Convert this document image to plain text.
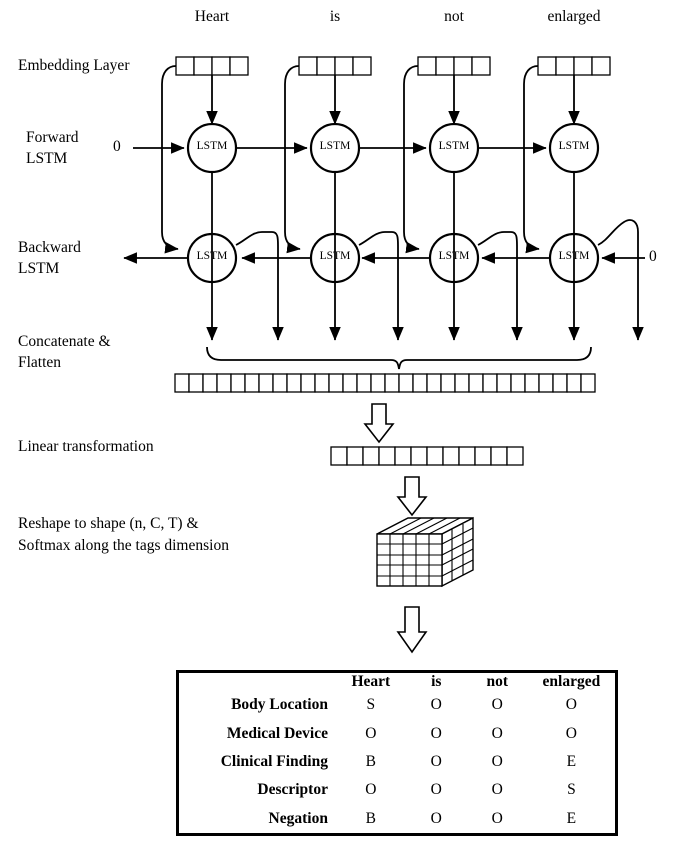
Heart	is	not	enlarged
Embedding Layer
Forward
LSTM
Backward
LSTM
Concatenate &
Flatten
Linear transformation
Reshape to shape (n, C, T) &
Softmax along the tags dimension
0
0
LSTM	LSTM	LSTM	LSTM
LSTM	LSTM	LSTM	LSTM
	Heart	is	not	enlarged
Body Location	S	O	O	O
Medical Device	O	O	O	O
Clinical Finding	B	O	O	E
Descriptor	O	O	O	S
Negation	B	O	O	E
